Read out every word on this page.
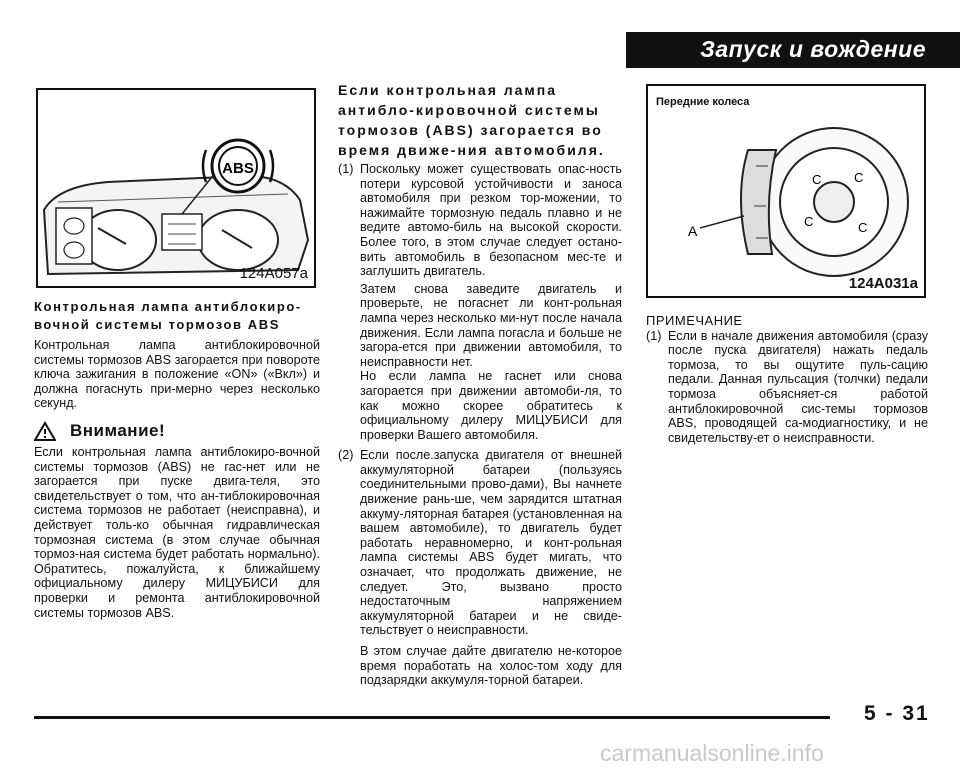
Запуск и вождение
ABS
124A057a
Передние колеса
C	C
C	C
A
124A031a

Контрольная лампа антиблокиро-вочной системы тормозов ABS

Контрольная лампа антиблокировочной системы тормозов ABS загорается при повороте ключа зажигания в положение «ON» («Вкл») и должна погаснуть при-мерно через несколько секунд.

Внимание!

Если контрольная лампа антиблокиро-вочной системы тормозов (ABS) не гас-нет или не загорается при пуске двига-теля, это свидетельствует о том, что ан-тиблокировочная система тормозов не работает (неисправна), и действует толь-ко обычная гидравлическая тормозная система (в этом случае обычная тормоз-ная система будет работать нормально). Обратитесь, пожалуйста, к ближайшему официальному дилеру МИЦУБИСИ для проверки и ремонта антиблокировочной системы тормозов ABS.

Если контрольная лампа антибло-кировочной системы тормозов (ABS) загорается во время движе-ния автомобиля.

(1) Поскольку может существовать опас-ность потери курсовой устойчивости и заноса автомобиля при резком тор-можении, то нажимайте тормозную педаль плавно и не ведите автомо-биль на высокой скорости. Более того, в этом случае следует остано-вить автомобиль в безопасном мес-те и заглушить двигатель.

Затем снова заведите двигатель и проверьте, не погаснет ли конт-рольная лампа через несколько ми-нут после начала движения. Если лампа погасла и больше не загора-ется при движении автомобиля, то неисправности нет.

Но если лампа не гаснет или снова загорается при движении автомоби-ля, то как можно скорее обратитесь к официальному дилеру МИЦУБИСИ для проверки Вашего автомобиля.

(2) Если после.запуска двигателя от внешней аккумуляторной батареи (пользуясь соединительными прово-дами), Вы начнете движение рань-ше, чем зарядится штатная аккуму-ляторная батарея (установленная на вашем автомобиле), то двигатель будет работать неравномерно, и конт-рольная лампа системы ABS будет мигать, что означает, что продолжать движение, не следует. Это, вызвано просто недостаточным напряжением аккумуляторной батареи и не свиде-тельствует о неисправности.

В этом случае дайте двигателю не-которое время поработать на холос-том ходу для подзарядки аккумуля-торной батареи.

ПРИМЕЧАНИЕ

(1) Если в начале движения автомобиля (сразу после пуска двигателя) нажать педаль тормоза, то вы ощутите пуль-сацию педали. Данная пульсация (толчки) педали тормоза объясняет-ся работой антиблокировочной сис-темы тормозов ABS, проводящей са-модиагностику, и не свидетельству-ет о неисправности.

5 - 31
carmanualsonline.info
